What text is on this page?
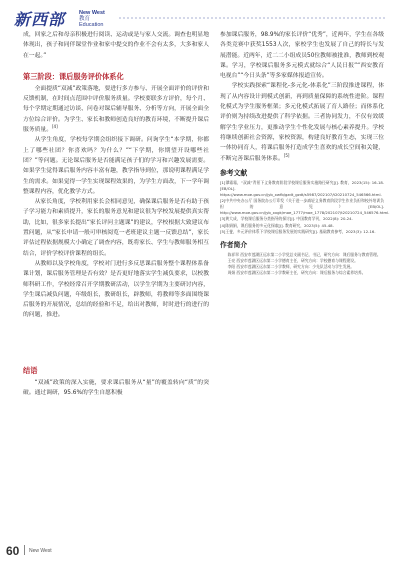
新西部	New West
教育 Education

成，回家之后和母亲积极进行阅读、运动或是与家人交流。调查也明显地体现出，孩子和同伴课堂作业和家中提交的作业不会有太多，大多和家人在一起。”

第三阶段：课后服务评价体系化

全面提质“双减”政策落地，要进行多方参与、开展全面评价的评价和反馈机制，在时间点范围中评价服务质量。学校要联多方评价，每个月、每个学期定期通过访谈、问卷对课后辅导服务、分析等方向，开展全面全方位综合评价。为学生、家长和教师创造良好的教育环境，不断提升课后服务质量。[4]

从学生角度，学校每学期会组织接下调研。问询学生“本学期，你都上了哪些社团？你喜欢吗？为什么？”“下学期，你期望开设哪些社团？”等问题。无论课后服务是否能满足孩子们的学习和兴趣发展需要。如果学生觉得课后服务内容丰富有趣，教学指导到位，那说明课程满足学生的需求。如果觉得一学生实现课程效果的，为学生方面改，下一学年调整课程内容，优化教学方式。

从家长角度，学校利用家长会相同意见，确保课后服务是否有助于孩子学习能力和素质提升，家长的服务意见和建议很为学校发展提供真实帮助，比如，很多家长提出“家长评问主题课”的建议，学校根据大致建议布置问题，从“家长申请一般可审核阅览一老班建议主题一反馈总结”，家长评估过程依据规模大小确定了调查内容，既将家长、学生与教师服务相互结合，评价学校评价课程的组长。

从教师以及学校角度，学校对门进行多反思课后服务整个课程体系备课计划，课后服务管理是否有效？是否更好地落实学生减负要求，以校教师科研工作，学校经常召开学期教研活动，以学生学期为主要研讨内容，学生课后减负问题，年级组长，教研组长，辟教师，将教师等多面围绕课后服务的开展情况，总结的经验和不足，给出对教师，时时进行的进行的的问题，推进。

结语

“双减”政策的深入实施，要求课后服务从“量”的覆盖转向“质”的突破。通过调研，95.6%的学生自愿积极

参加课后服务，98.9%的家长评价“优秀”，近两年，学生在各级各类竞赛中获奖1553人次，家校学生也发展了自己的特长与发展潜能。近两年，近二二小组成员50位教师被批准，教师到校观课。学习，学校课后服务多元模式就综合“人民日报”“西安教育电视台”“今日头条”等多家媒体报道宣传。

学校实践探索“课程化-多元化-体系化”三阶段推进课程，体现了从内容设计到模式创新，再到质量保障的系统性进阶。课程化模式为学生服务框架；多元化模式拓展了育人路径；而体系化评价则为持续改进提供了科学依据。三者协同发力，不仅有效缓解学生学业压力，更推动学生个性化发展与核心素养提升。学校将继续创新社会资源，家校资源，构建良好教育生态，实现三位一体协同育人，将课后服务打造成学生喜欢的成长空间和关键，不断完善课后服务体系。[5]

参考文献
[1]谭霜霜，“双减”背景下义务教育阶段学校课后服务实施路径研究[J]. 教育，2023(15): 16-18. [EB/OL]. https://www.moe.gov.cn/jyb_xwfb/gzdt_gzdt/s5987/202107/t20210724_546566.html.
[2]中共中央办公厅 国务院办公厅印发《关于进一步减轻义务教育阶段学生作业负担和校外培训负担的意见》[EB/OL]. http://www.moe.gov.cn/jyb_xxgk/moe_1777/moe_1778/202107/t20210724_546576.html.
[3]黄大成，学校课后服务分类指导的探讨[J]. 中国教育学刊，2022(8): 20-24.
[4]陈娟娟，课后服务的多元化探索[J]. 教育研究，2023(5): 45-48.
[5]王斐，多元评价体系下学校课后服务发展的实践研究[J]. 基础教育参考，2023(3): 12-16.
作者简介

陈祥翠 西安市莲湖区远东第二小学党总支副书记、书记，研究方向：课后服务与教育管理。

王亮 西安市莲湖区远东第二小学德育主任，研究方向：学校德育与课程建设。

李阳 西安市莲湖区远东第二小学教师，研究方向：少先队活动与学生发展。

周娟 西安市莲湖区远东第二小学教研主任，研究方向：课后服务与综合素养培养。

60 New West
